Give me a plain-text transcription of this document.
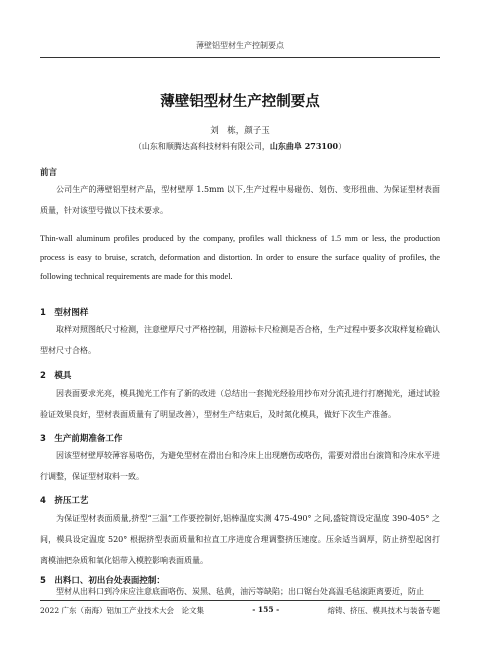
薄壁铝型材生产控制要点
薄壁铝型材生产控制要点
刘　栋，颜子玉
（山东和顺腾达高科技材料有限公司，山东曲阜 273100）
前言

公司生产的薄壁铝型材产品，型材壁厚 1.5mm 以下,生产过程中易碰伤、划伤、变形扭曲、为保证型材表面质量，针对该型号做以下技术要求。

Thin-wall aluminum profiles produced by the company, profiles wall thickness of 1.5 mm or less, the production process is easy to bruise, scratch, deformation and distortion. In order to ensure the surface quality of profiles, the following technical requirements are made for this model.

1  型材图样

取样对照图纸尺寸检测，注意壁厚尺寸严格控制，用游标卡尺检测是否合格，生产过程中要多次取样复检确认型材尺寸合格。

2  模具

因表面要求光亮，模具抛光工作有了新的改进（总结出一套抛光经验用抄布对分流孔进行打磨抛光，通过试验验证效果良好，型材表面质量有了明显改善），型材生产结束后，及时氮化模具，做好下次生产准备。

3  生产前期准备工作

因该型材壁厚较薄容易咯伤，为避免型材在滑出台和冷床上出现磨伤或咯伤，需要对滑出台滚筒和冷床水平进行调整，保证型材取料一致。

4  挤压工艺

为保证型材表面质量,挤型“三温”工作要控制好,铝棒温度实测 475-490° 之间,盛锭筒设定温度 390-405° 之间，模具设定温度 520° 根据挤型表面质量和拉直工序进度合理调整挤压速度。压余适当调厚，防止挤型起囟打离模油把杂质和氧化铝带入模腔影响表面质量。

5  出料口、初出台处表面控制：

型材从出料口到冷床应注意底面咯伤、炭黑、毡黄，油污等缺陷；出口锯台处高温毛毡滚距离要近，防止

2022 广东（南海）铝加工产业技术大会　论文集	- 155 -	熔铸、挤压、模具技术与装备专题
